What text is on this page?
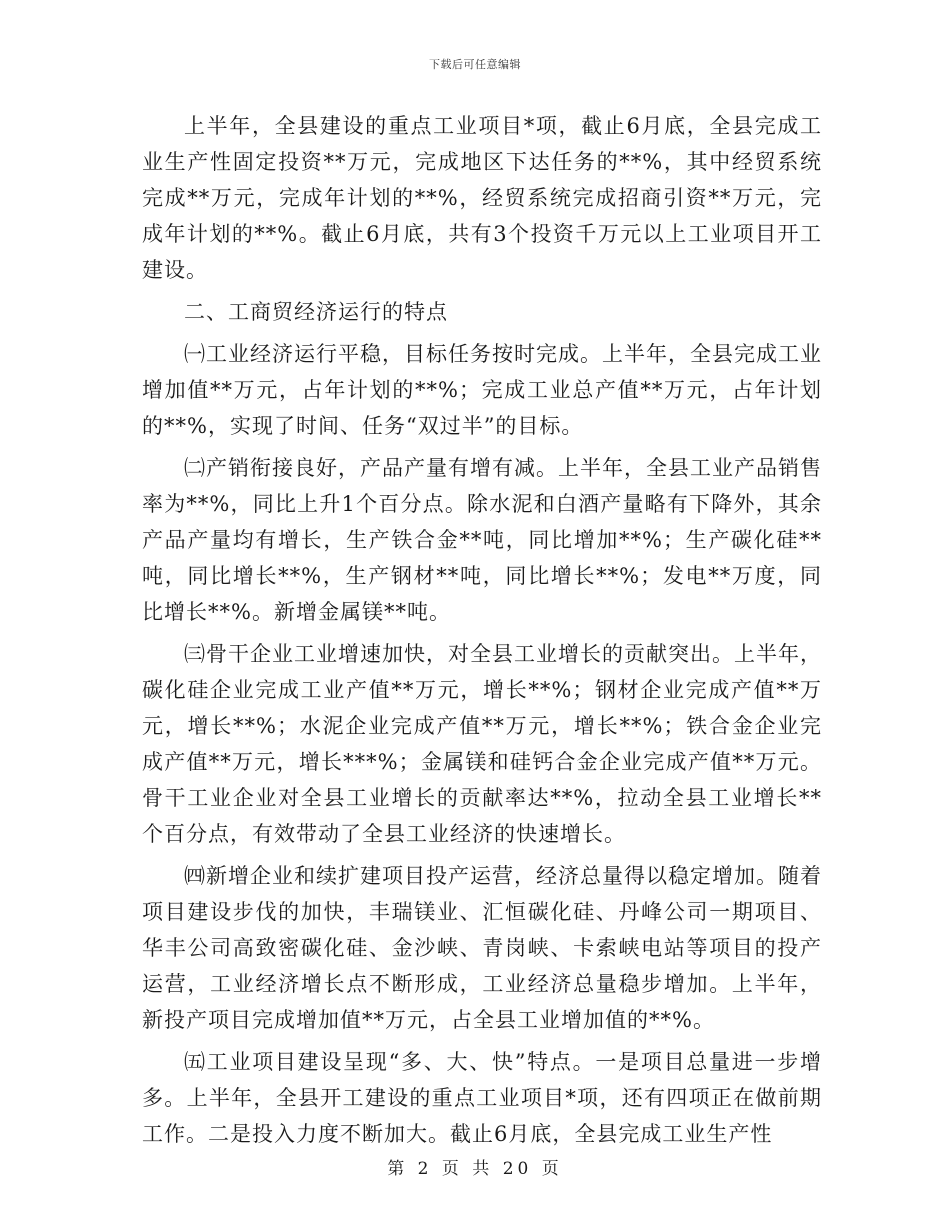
下载后可任意编辑

上半年，全县建设的重点工业项目*项，截止6月底，全县完成工业生产性固定投资**万元，完成地区下达任务的**%，其中经贸系统完成**万元，完成年计划的**%，经贸系统完成招商引资**万元，完成年计划的**%。截止6月底，共有3个投资千万元以上工业项目开工建设。

二、工商贸经济运行的特点

㈠工业经济运行平稳，目标任务按时完成。上半年，全县完成工业增加值**万元，占年计划的**%；完成工业总产值**万元，占年计划的**%，实现了时间、任务“双过半”的目标。

㈡产销衔接良好，产品产量有增有减。上半年，全县工业产品销售率为**%，同比上升1个百分点。除水泥和白酒产量略有下降外，其余产品产量均有增长，生产铁合金**吨，同比增加**%；生产碳化硅**吨，同比增长**%，生产钢材**吨，同比增长**%；发电**万度，同比增长**%。新增金属镁**吨。

㈢骨干企业工业增速加快，对全县工业增长的贡献突出。上半年，碳化硅企业完成工业产值**万元，增长**%；钢材企业完成产值**万元，增长**%；水泥企业完成产值**万元，增长**%；铁合金企业完成产值**万元，增长***%；金属镁和硅钙合金企业完成产值**万元。骨干工业企业对全县工业增长的贡献率达**%，拉动全县工业增长**个百分点，有效带动了全县工业经济的快速增长。

㈣新增企业和续扩建项目投产运营，经济总量得以稳定增加。随着项目建设步伐的加快，丰瑞镁业、汇恒碳化硅、丹峰公司一期项目、华丰公司高致密碳化硅、金沙峡、青岗峡、卡索峡电站等项目的投产运营，工业经济增长点不断形成，工业经济总量稳步增加。上半年，新投产项目完成增加值**万元，占全县工业增加值的**%。

㈤工业项目建设呈现“多、大、快”特点。一是项目总量进一步增多。上半年，全县开工建设的重点工业项目*项，还有四项正在做前期工作。二是投入力度不断加大。截止6月底，全县完成工业生产性

第 2 页 共 20 页
